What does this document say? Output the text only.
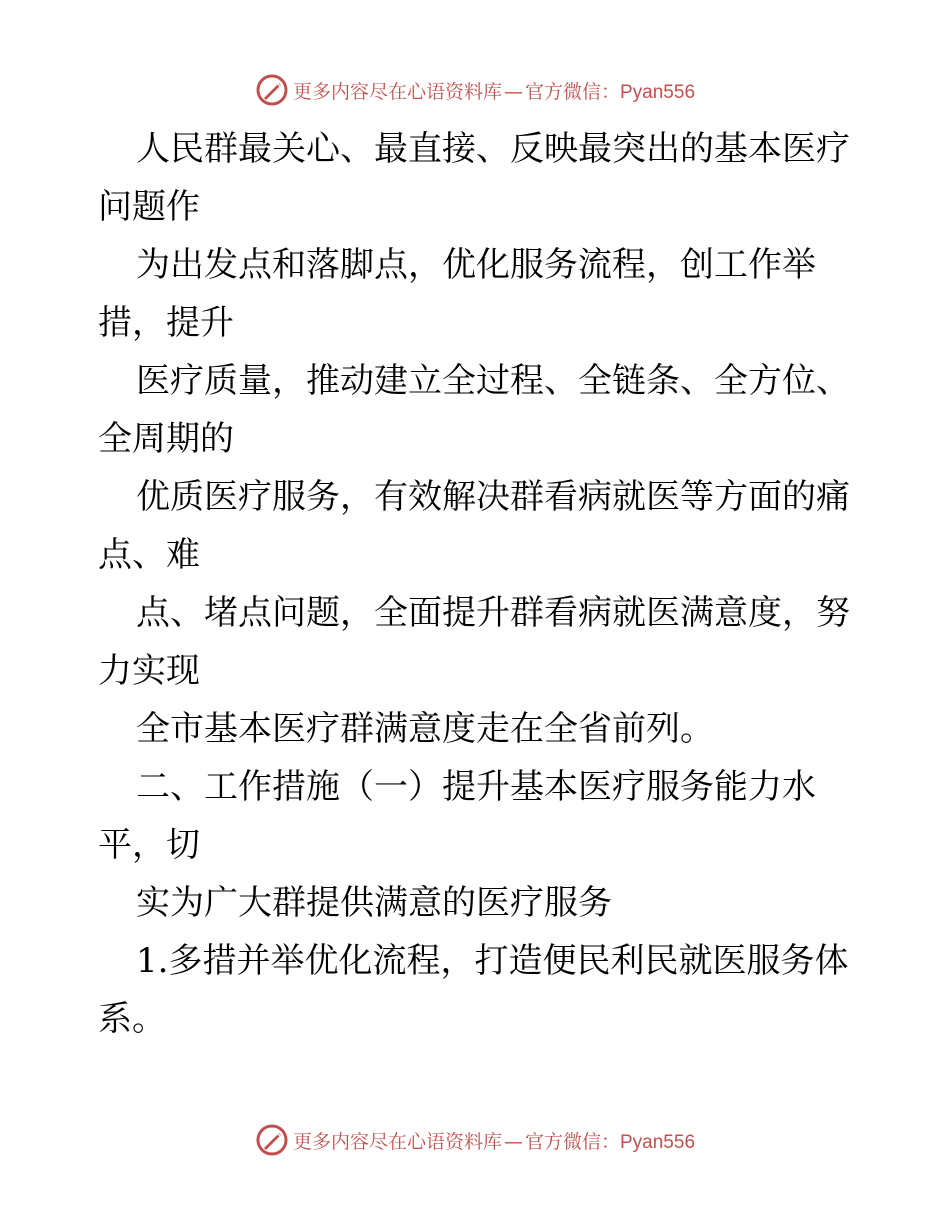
更多内容尽在心语资料库 — 官方微信：Pyan556
人民群最关心、最直接、反映最突出的基本医疗
问题作
为出发点和落脚点，优化服务流程，创工作举
措，提升
医疗质量，推动建立全过程、全链条、全方位、
全周期的
优质医疗服务，有效解决群看病就医等方面的痛
点、难
点、堵点问题，全面提升群看病就医满意度，努
力实现
全市基本医疗群满意度走在全省前列。
二、工作措施（一）提升基本医疗服务能力水
平，切
实为广大群提供满意的医疗服务
1.多措并举优化流程，打造便民利民就医服务体
系。
更多内容尽在心语资料库 — 官方微信：Pyan556
